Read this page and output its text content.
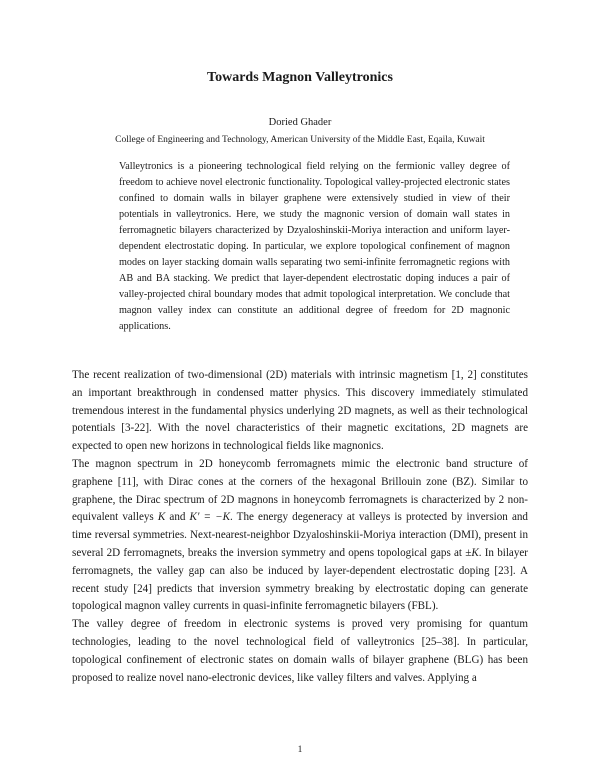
Towards Magnon Valleytronics
Doried Ghader
College of Engineering and Technology, American University of the Middle East, Eqaila, Kuwait

Valleytronics is a pioneering technological field relying on the fermionic valley degree of freedom to achieve novel electronic functionality. Topological valley-projected electronic states confined to domain walls in bilayer graphene were extensively studied in view of their potentials in valleytronics. Here, we study the magnonic version of domain wall states in ferromagnetic bilayers characterized by Dzyaloshinskii-Moriya interaction and uniform layer-dependent electrostatic doping. In particular, we explore topological confinement of magnon modes on layer stacking domain walls separating two semi-infinite ferromagnetic regions with AB and BA stacking. We predict that layer-dependent electrostatic doping induces a pair of valley-projected chiral boundary modes that admit topological interpretation. We conclude that magnon valley index can constitute an additional degree of freedom for 2D magnonic applications.

The recent realization of two-dimensional (2D) materials with intrinsic magnetism [1, 2] constitutes an important breakthrough in condensed matter physics. This discovery immediately stimulated tremendous interest in the fundamental physics underlying 2D magnets, as well as their technological potentials [3-22]. With the novel characteristics of their magnetic excitations, 2D magnets are expected to open new horizons in technological fields like magnonics.

The magnon spectrum in 2D honeycomb ferromagnets mimic the electronic band structure of graphene [11], with Dirac cones at the corners of the hexagonal Brillouin zone (BZ). Similar to graphene, the Dirac spectrum of 2D magnons in honeycomb ferromagnets is characterized by 2 non-equivalent valleys K and K′ = −K. The energy degeneracy at valleys is protected by inversion and time reversal symmetries. Next-nearest-neighbor Dzyaloshinskii-Moriya interaction (DMI), present in several 2D ferromagnets, breaks the inversion symmetry and opens topological gaps at ±K. In bilayer ferromagnets, the valley gap can also be induced by layer-dependent electrostatic doping [23]. A recent study [24] predicts that inversion symmetry breaking by electrostatic doping can generate topological magnon valley currents in quasi-infinite ferromagnetic bilayers (FBL).

The valley degree of freedom in electronic systems is proved very promising for quantum technologies, leading to the novel technological field of valleytronics [25–38]. In particular, topological confinement of electronic states on domain walls of bilayer graphene (BLG) has been proposed to realize novel nano-electronic devices, like valley filters and valves. Applying a

1
